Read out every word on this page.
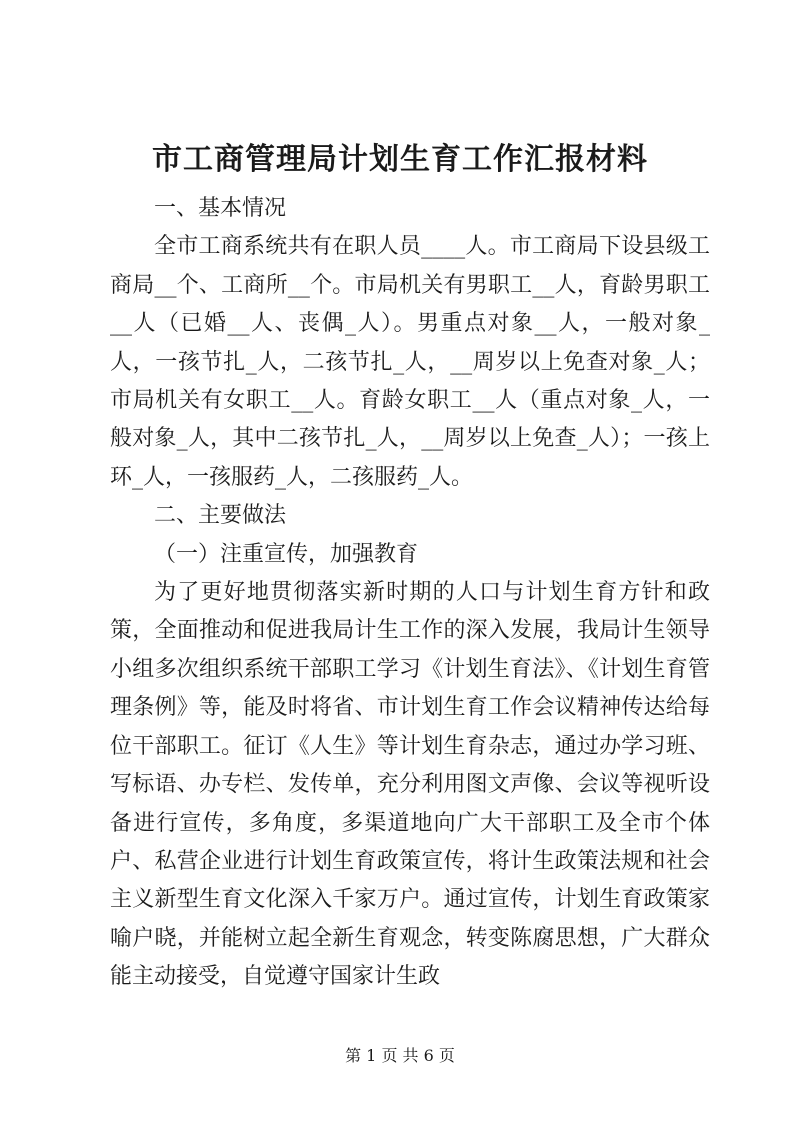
市工商管理局计划生育工作汇报材料

一、基本情况

全市工商系统共有在职人员____人。市工商局下设县级工商局__个、工商所__个。市局机关有男职工__人，育龄男职工__人（已婚__人、丧偶_人）。男重点对象__人，一般对象_人，一孩节扎_人，二孩节扎_人，__周岁以上免查对象_人；市局机关有女职工__人。育龄女职工__人（重点对象_人，一般对象_人，其中二孩节扎_人，__周岁以上免查_人）；一孩上环_人，一孩服药_人，二孩服药_人。

二、主要做法

（一）注重宣传，加强教育

为了更好地贯彻落实新时期的人口与计划生育方针和政策，全面推动和促进我局计生工作的深入发展，我局计生领导小组多次组织系统干部职工学习《计划生育法》、《计划生育管理条例》等，能及时将省、市计划生育工作会议精神传达给每位干部职工。征订《人生》等计划生育杂志，通过办学习班、写标语、办专栏、发传单，充分利用图文声像、会议等视听设备进行宣传，多角度，多渠道地向广大干部职工及全市个体户、私营企业进行计划生育政策宣传，将计生政策法规和社会主义新型生育文化深入千家万户。通过宣传，计划生育政策家喻户晓，并能树立起全新生育观念，转变陈腐思想，广大群众能主动接受，自觉遵守国家计生政

第 1 页 共 6 页
